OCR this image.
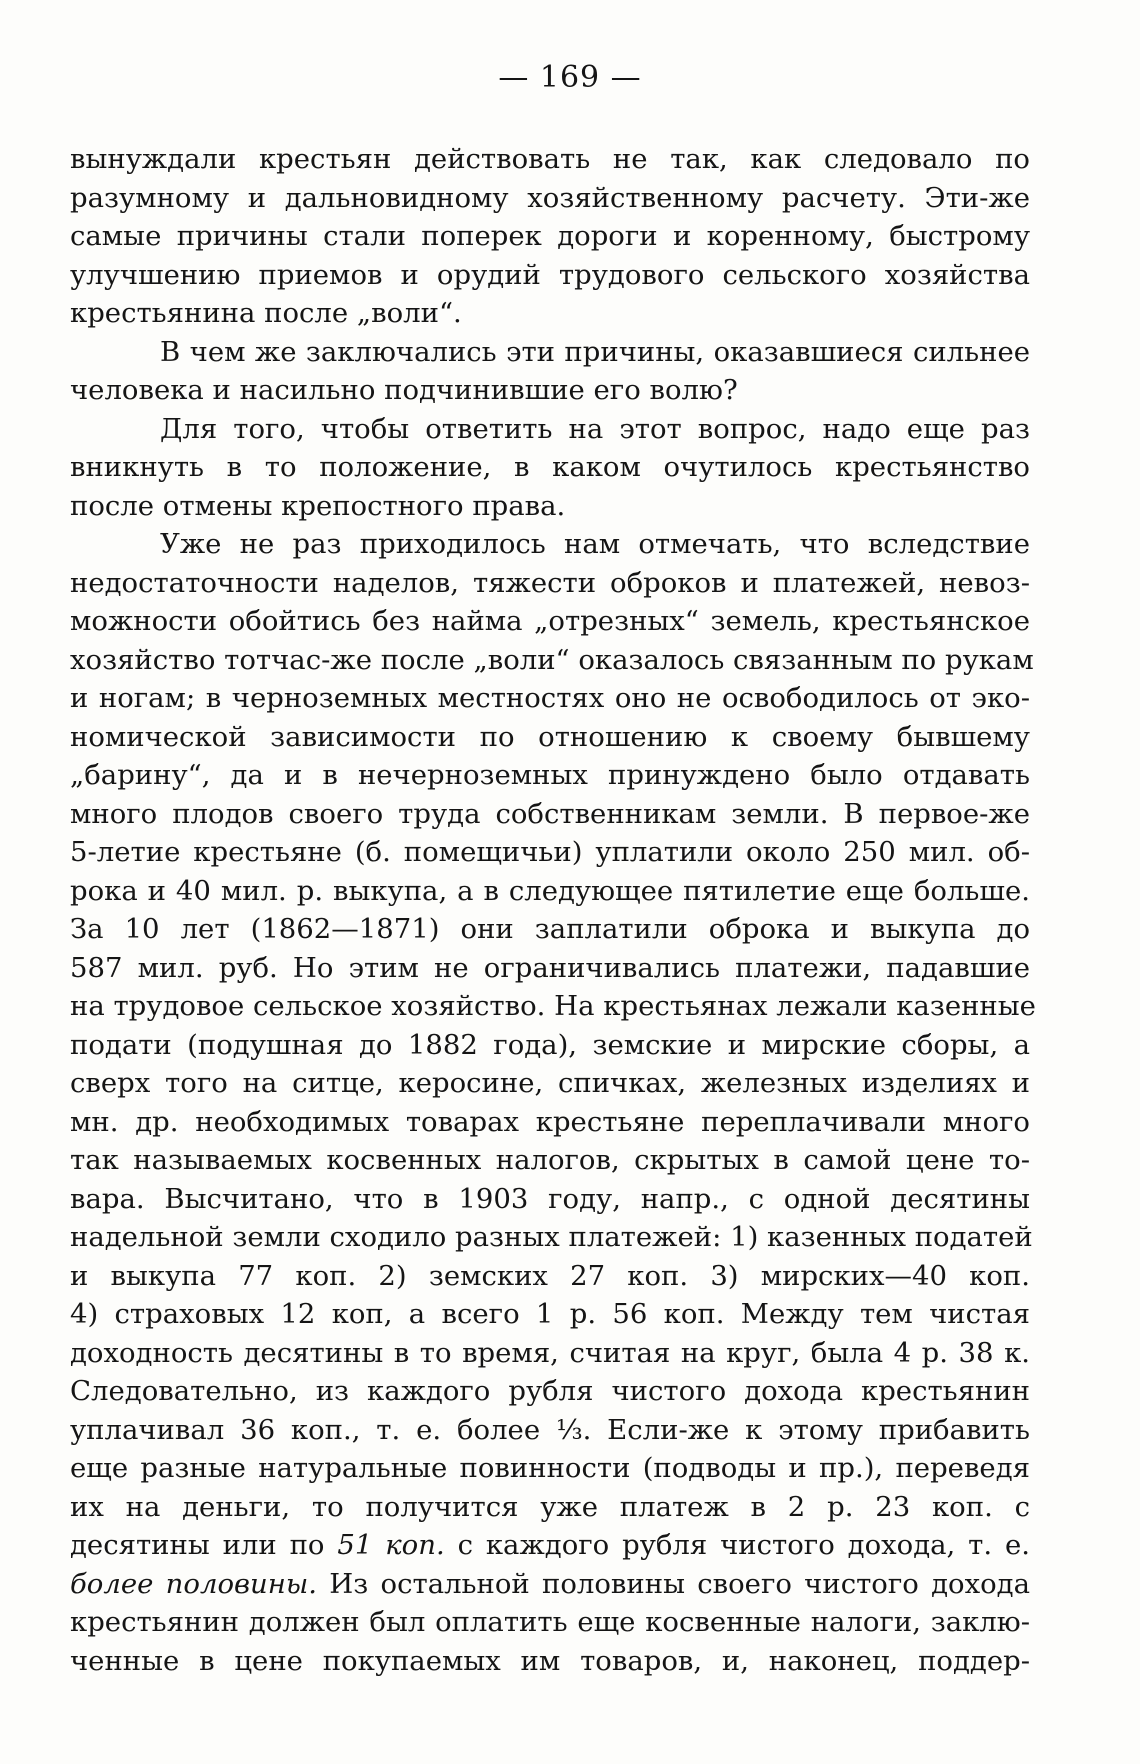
— 169 —
вынуждали крестьян действовать не так, как следовало по
разумному и дальновидному хозяйственному расчету. Эти-же
самые причины стали поперек дороги и коренному, быстрому
улучшению приемов и орудий трудового сельского хозяйства
крестьянина после „воли“.
В чем же заключались эти причины, оказавшиеся сильнее
человека и насильно подчинившие его волю?
Для того, чтобы ответить на этот вопрос, надо еще раз
вникнуть в то положение, в каком очутилось крестьянство
после отмены крепостного права.
Уже не раз приходилось нам отмечать, что вследствие
недостаточности наделов, тяжести оброков и платежей, невоз-
можности обойтись без найма „отрезных“ земель, крестьянское
хозяйство тотчас-же после „воли“ оказалось связанным по рукам
и ногам; в черноземных местностях оно не освободилось от эко-
номической зависимости по отношению к своему бывшему
„барину“, да и в нечерноземных принуждено было отдавать
много плодов своего труда собственникам земли. В первое-же
5-летие крестьяне (б. помещичьи) уплатили около 250 мил. об-
рока и 40 мил. р. выкупа, а в следующее пятилетие еще больше.
За 10 лет (1862—1871) они заплатили оброка и выкупа до
587 мил. руб. Но этим не ограничивались платежи, падавшие
на трудовое сельское хозяйство. На крестьянах лежали казенные
подати (подушная до 1882 года), земские и мирские сборы, а
сверх того на ситце, керосине, спичках, железных изделиях и
мн. др. необходимых товарах крестьяне переплачивали много
так называемых косвенных налогов, скрытых в самой цене то-
вара. Высчитано, что в 1903 году, напр., с одной десятины
надельной земли сходило разных платежей: 1) казенных податей
и выкупа 77 коп. 2) земских 27 коп. 3) мирских—40 коп.
4) страховых 12 коп, а всего 1 р. 56 коп. Между тем чистая
доходность десятины в то время, считая на круг, была 4 р. 38 к.
Следовательно, из каждого рубля чистого дохода крестьянин
уплачивал 36 коп., т. е. более ⅓. Если-же к этому прибавить
еще разные натуральные повинности (подводы и пр.), переведя
их на деньги, то получится уже платеж в 2 р. 23 коп. с
десятины или по 51 коп. с каждого рубля чистого дохода, т. е.
более половины. Из остальной половины своего чистого дохода
крестьянин должен был оплатить еще косвенные налоги, заклю-
ченные в цене покупаемых им товаров, и, наконец, поддер-
